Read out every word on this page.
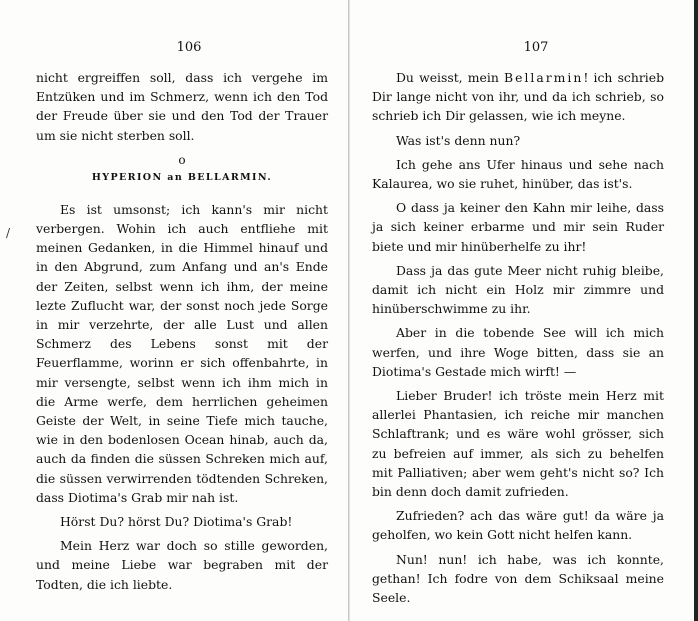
106

nicht ergreiffen soll, dass ich vergehe im Entzüken und im Schmerz, wenn ich den Tod der Freude über sie und den Tod der Trauer um sie nicht sterben soll.

o
HYPERION an BELLARMIN.

Es ist umsonst; ich kann's mir nicht verbergen. Wohin ich auch entfliehe mit meinen Gedanken, in die Himmel hinauf und in den Abgrund, zum Anfang und an's Ende der Zeiten, selbst wenn ich ihm, der meine lezte Zuflucht war, der sonst noch jede Sorge in mir verzehrte, der alle Lust und allen Schmerz des Lebens sonst mit der Feuerflamme, worinn er sich offenbahrte, in mir versengte, selbst wenn ich ihm mich in die Arme werfe, dem herrlichen geheimen Geiste der Welt, in seine Tiefe mich tauche, wie in den bodenlosen Ocean hinab, auch da, auch da finden die süssen Schreken mich auf, die süssen verwirrenden tödtenden Schreken, dass Diotima's Grab mir nah ist.

Hörst Du? hörst Du? Diotima's Grab!

Mein Herz war doch so stille geworden, und meine Liebe war begraben mit der Todten, die ich liebte.

107

Du weisst, mein Bellarmin! ich schrieb Dir lange nicht von ihr, und da ich schrieb, so schrieb ich Dir gelassen, wie ich meyne.

Was ist's denn nun?

Ich gehe ans Ufer hinaus und sehe nach Kalaurea, wo sie ruhet, hinüber, das ist's.

O dass ja keiner den Kahn mir leihe, dass ja sich keiner erbarme und mir sein Ruder biete und mir hinüberhelfe zu ihr!

Dass ja das gute Meer nicht ruhig bleibe, damit ich nicht ein Holz mir zimmre und hinüberschwimme zu ihr.

Aber in die tobende See will ich mich werfen, und ihre Woge bitten, dass sie an Diotima's Gestade mich wirft! —

Lieber Bruder! ich tröste mein Herz mit allerlei Phantasien, ich reiche mir manchen Schlaftrank; und es wäre wohl grösser, sich zu befreien auf immer, als sich zu behelfen mit Palliativen; aber wem geht's nicht so? Ich bin denn doch damit zufrieden.

Zufrieden? ach das wäre gut! da wäre ja geholfen, wo kein Gott nicht helfen kann.

Nun! nun! ich habe, was ich konnte, gethan! Ich fodre von dem Schiksaal meine Seele.

/
